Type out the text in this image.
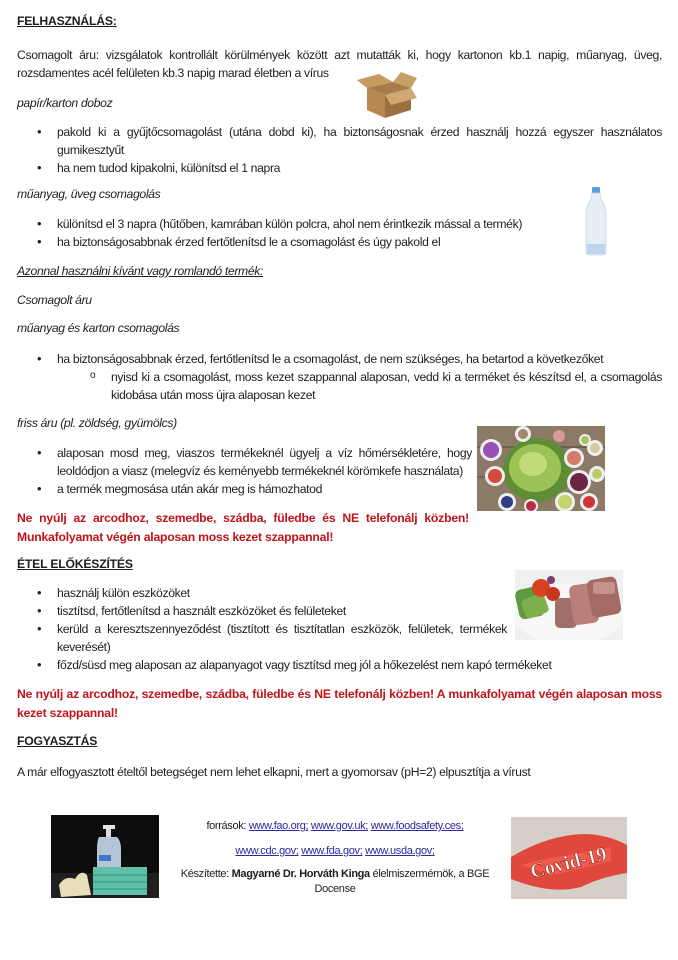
FELHASZNÁLÁS:
Csomagolt áru: vizsgálatok kontrollált körülmények között azt mutatták ki, hogy kartonon kb.1 napig, műanyag, üveg, rozsdamentes acél felületen kb.3 napig marad életben a vírus
papír/karton doboz
• pakold ki a gyűjtőcsomagolást (utána dobd ki), ha biztonságosnak érzed használj hozzá egyszer használatos gumikesztyűt
• ha nem tudod kipakolni, különítsd el 1 napra
műanyag, üveg csomagolás
• különítsd el 3 napra (hűtőben, kamrában külön polcra, ahol nem érintkezik mással a termék)
• ha biztonságosabbnak érzed fertőtlenítsd le a csomagolást és úgy pakold el
Azonnal használni kívánt vagy romlandó termék:
Csomagolt áru
műanyag és karton csomagolás
• ha biztonságosabbnak érzed, fertőtlenítsd le a csomagolást, de nem szükséges, ha betartod a következőket
o nyisd ki a csomagolást, moss kezet szappannal alaposan, vedd ki a terméket és készítsd el, a csomagolás kidobása után moss újra alaposan kezet
friss áru (pl. zöldség, gyümölcs)
• alaposan mosd meg, viaszos termékeknél ügyelj a víz hőmérsékletére, hogy leoldódjon a viasz (melegvíz és keményebb termékeknél körömkefe használata)
• a termék megmosása után akár meg is hámozhatod
Ne nyúlj az arcodhoz, szemedbe, szádba, füledbe és NE telefonálj közben! Munkafolyamat végén alaposan moss kezet szappannal!
ÉTEL ELŐKÉSZÍTÉS
• használj külön eszközöket
• tisztítsd, fertőtlenítsd a használt eszközöket és felületeket
• kerüld a keresztszennyeződést (tisztított és tisztítatlan eszközök, felületek, termékek keverését)
• főzd/süsd meg alaposan az alapanyagot vagy tisztítsd meg jól a hőkezelést nem kapó termékeket
Ne nyúlj az arcodhoz, szemedbe, szádba, füledbe és NE telefonálj közben! A munkafolyamat végén alaposan moss kezet szappannal!
FOGYASZTÁS
A már elfogyasztott ételtől betegséget nem lehet elkapni, mert a gyomorsav (pH=2) elpusztítja a vírust
Covid-19
források: www.fao.org; www.gov.uk; www.foodsafety.ces;
www.cdc.gov; www.fda.gov; www.usda.gov;
Készítette: Magyarné Dr. Horváth Kinga élelmiszermérnök, a BGE Docense
